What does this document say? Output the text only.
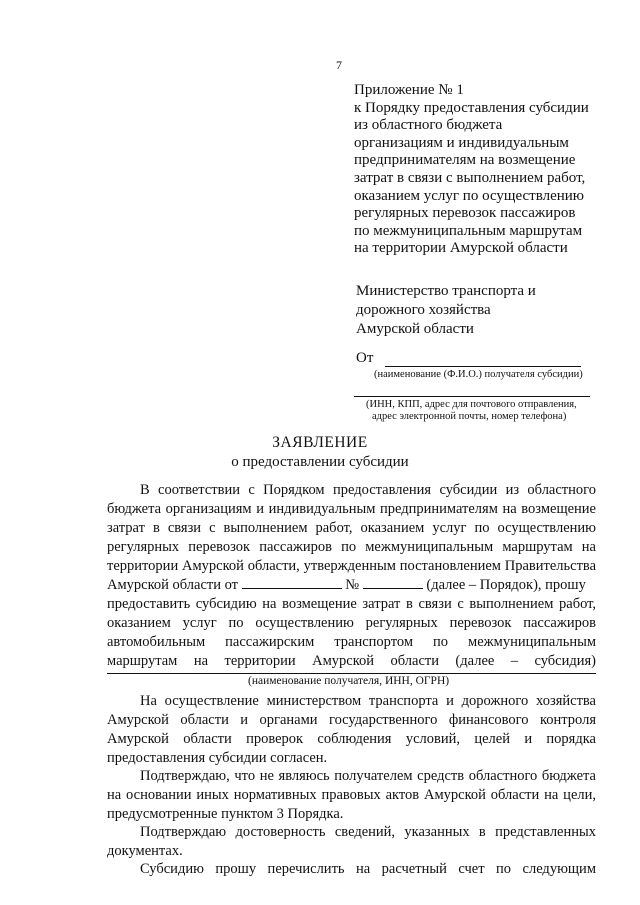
7
Приложение № 1
к Порядку предоставления субсидии
из областного бюджета
организациям и индивидуальным
предпринимателям на возмещение
затрат в связи с выполнением работ,
оказанием услуг по осуществлению
регулярных перевозок пассажиров
по межмуниципальным маршрутам
на территории Амурской области
Министерство транспорта и
дорожного хозяйства
Амурской области
От
(наименование (Ф.И.О.) получателя субсидии)
(ИНН, КПП, адрес для почтового отправления,
адрес электронной почты, номер телефона)
ЗАЯВЛЕНИЕ
о предоставлении субсидии
В соответствии с Порядком предоставления субсидии из областного
бюджета организациям и индивидуальным предпринимателям на возмещение
затрат в связи с выполнением работ, оказанием услуг по осуществлению
регулярных перевозок пассажиров по межмуниципальным маршрутам на
территории Амурской области, утвержденным постановлением Правительства
Амурской области от	№	(далее – Порядок), прошу
предоставить субсидию на возмещение затрат в связи с выполнением работ,
оказанием услуг по осуществлению регулярных перевозок пассажиров
автомобильным пассажирским транспортом по межмуниципальным
маршрутам на территории Амурской области (далее – субсидия)
(наименование получателя, ИНН, ОГРН)
На осуществление министерством транспорта и дорожного хозяйства
Амурской области и органами государственного финансового контроля
Амурской области проверок соблюдения условий, целей и порядка
предоставления субсидии согласен.
Подтверждаю, что не являюсь получателем средств областного бюджета
на основании иных нормативных правовых актов Амурской области на цели,
предусмотренные пунктом 3 Порядка.
Подтверждаю достоверность сведений, указанных в представленных
документах.
Субсидию прошу перечислить на расчетный счет по следующим
